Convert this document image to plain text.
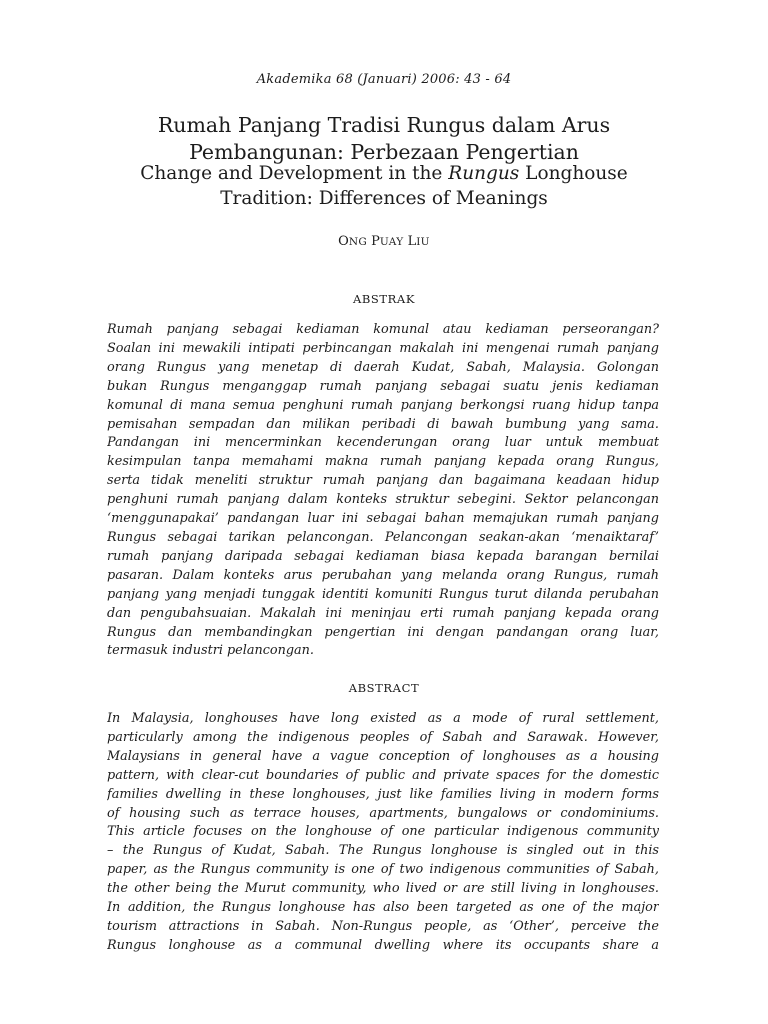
Akademika 68 (Januari) 2006: 43 - 64
Rumah Panjang Tradisi Rungus dalam Arus
Pembangunan: Perbezaan Pengertian
Change and Development in the Rungus Longhouse
Tradition: Differences of Meanings
ONG PUAY LIU
ABSTRAK
Rumah panjang sebagai kediaman komunal atau kediaman perseorangan?
Soalan ini mewakili intipati perbincangan makalah ini mengenai rumah panjang
orang Rungus yang menetap di daerah Kudat, Sabah, Malaysia. Golongan
bukan Rungus menganggap rumah panjang sebagai suatu jenis kediaman
komunal di mana semua penghuni rumah panjang berkongsi ruang hidup tanpa
pemisahan sempadan dan milikan peribadi di bawah bumbung yang sama.
Pandangan ini mencerminkan kecenderungan orang luar untuk membuat
kesimpulan tanpa memahami makna rumah panjang kepada orang Rungus,
serta tidak meneliti struktur rumah panjang dan bagaimana keadaan hidup
penghuni rumah panjang dalam konteks struktur sebegini. Sektor pelancongan
‘menggunapakai’ pandangan luar ini sebagai bahan memajukan rumah panjang
Rungus sebagai tarikan pelancongan. Pelancongan seakan-akan ‘menaiktaraf’
rumah panjang daripada sebagai kediaman biasa kepada barangan bernilai
pasaran. Dalam konteks arus perubahan yang melanda orang Rungus, rumah
panjang yang menjadi tunggak identiti komuniti Rungus turut dilanda perubahan
dan pengubahsuaian. Makalah ini meninjau erti rumah panjang kepada orang
Rungus dan membandingkan pengertian ini dengan pandangan orang luar,
termasuk industri pelancongan.
ABSTRACT
In Malaysia, longhouses have long existed as a mode of rural settlement,
particularly among the indigenous peoples of Sabah and Sarawak. However,
Malaysians in general have a vague conception of longhouses as a housing
pattern, with clear-cut boundaries of public and private spaces for the domestic
families dwelling in these longhouses, just like families living in modern forms
of housing such as terrace houses, apartments, bungalows or condominiums.
This article focuses on the longhouse of one particular indigenous community
– the Rungus of Kudat, Sabah. The Rungus longhouse is singled out in this
paper, as the Rungus community is one of two indigenous communities of Sabah,
the other being the Murut community, who lived or are still living in longhouses.
In addition, the Rungus longhouse has also been targeted as one of the major
tourism attractions in Sabah. Non-Rungus people, as ‘Other’, perceive the
Rungus longhouse as a communal dwelling where its occupants share a
